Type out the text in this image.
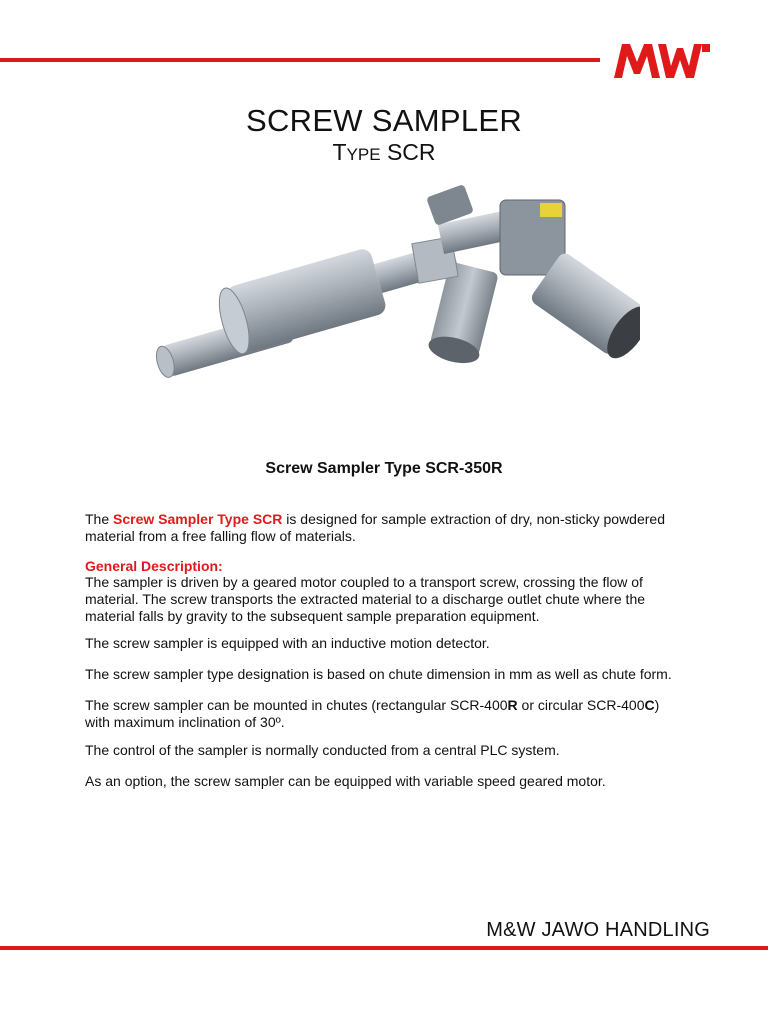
SCREW SAMPLER
TYPE SCR
Screw Sampler Type SCR-350R

The Screw Sampler Type SCR is designed for sample extraction of dry, non-sticky powdered material from a free falling flow of materials.

General Description:

The sampler is driven by a geared motor coupled to a transport screw, crossing the flow of material. The screw transports the extracted material to a discharge outlet chute where the material falls by gravity to the subsequent sample preparation equipment.

The screw sampler is equipped with an inductive motion detector.

The screw sampler type designation is based on chute dimension in mm as well as chute form.

The screw sampler can be mounted in chutes (rectangular SCR-400R or circular SCR-400C) with maximum inclination of 30º.

The control of the sampler is normally conducted from a central PLC system.

As an option, the screw sampler can be equipped with variable speed geared motor.

M&W JAWO HANDLING
